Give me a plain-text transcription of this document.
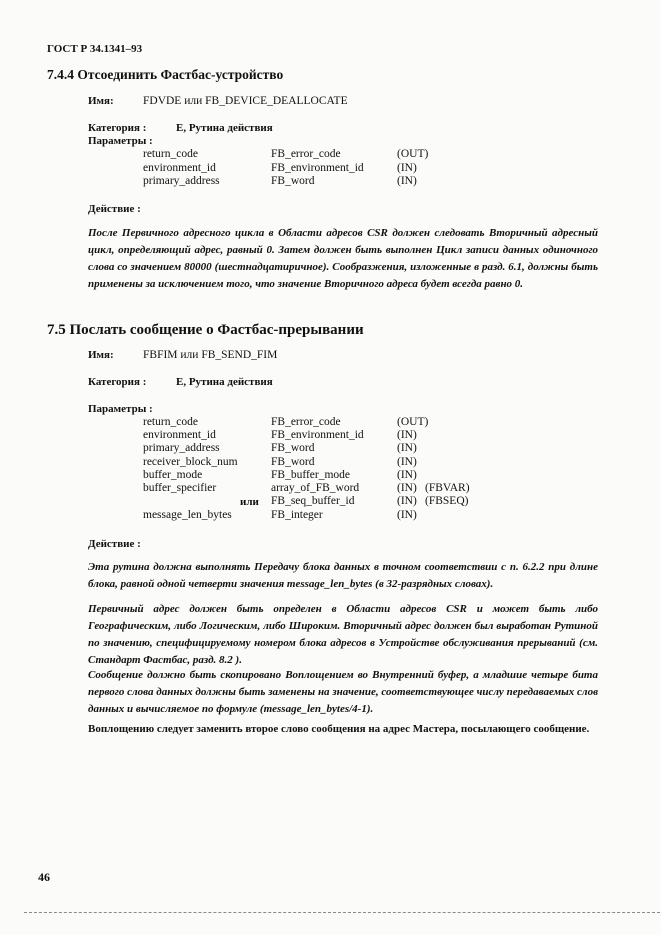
ГОСТ Р 34.1341–93
7.4.4 Отсоединить Фастбас-устройство
Имя:	FDVDE или FB_DEVICE_DEALLOCATE
Категория :	E, Рутина действия
Параметры :
return_code	FB_error_code	(OUT)
environment_id	FB_environment_id	(IN)
primary_address	FB_word	(IN)
Действие :
После Первичного адресного цикла в Области адресов CSR должен следовать Вторичный адресный цикл, определяющий адрес, равный 0. Затем должен быть выполнен Цикл записи данных одиночного слова со значением 80000 (шестнадцатиричное). Сообразжения, изложенные в разд. 6.1, должны быть применены за исключением того, что значение Вторичного адреса будет всегда равно 0.
7.5 Послать сообщение о Фастбас-прерывании
Имя:	FBFIM или FB_SEND_FIM
Категория :	E, Рутина действия
Параметры :
return_code	FB_error_code	(OUT)
environment_id	FB_environment_id	(IN)
primary_address	FB_word	(IN)
receiver_block_num	FB_word	(IN)
buffer_mode	FB_buffer_mode	(IN)
buffer_specifier	array_of_FB_word	(IN) (FBVAR)
или FB_seq_buffer_id	(IN) (FBSEQ)
message_len_bytes	FB_integer	(IN)
Действие :
Эта рутина должна выполнять Передачу блока данных в точном соответствии с п. 6.2.2 при длине блока, равной одной четверти значения message_len_bytes (в 32-разрядных словах).
Первичный адрес должен быть определен в Области адресов CSR и может быть либо Географическим, либо Логическим, либо Широким. Вторичный адрес должен был выработан Рутиной по значению, специфицируемому номером блока адресов в Устройстве обслуживания прерываний (см. Стандарт Фастбас, разд. 8.2 ).
Сообщение должно быть скопировано Воплощением во Внутренний буфер, а младшие четыре бита первого слова данных должны быть заменены на значение, соответствующее числу передаваемых слов данных и вычисляемое по формуле (message_len_bytes/4-1).
Воплощению следует заменить второе слово сообщения на адрес Мастера, посылающего сообщение.
46
